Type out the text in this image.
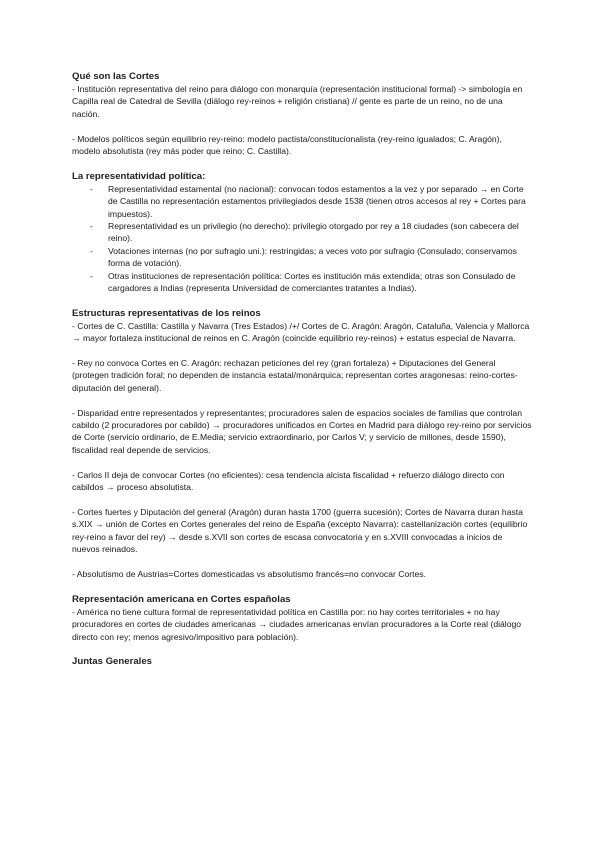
Qué son las Cortes

- Institución representativa del reino para diálogo con monarquía (representación institucional formal) -> simbología en Capilla real de Catedral de Sevilla (diálogo rey-reinos + religión cristiana) // gente es parte de un reino, no de una nación.

- Modelos políticos según equilibrio rey-reino: modelo pactista/constitucionalista (rey-reino igualados; C. Aragón), modelo absolutista (rey más poder que reino; C. Castilla).

La representatividad política:
- Representatividad estamental (no nacional): convocan todos estamentos a la vez y por separado → en Corte de Castilla no representación estamentos privilegiados desde 1538 (tienen otros accesos al rey + Cortes para impuestos).
- Representatividad es un privilegio (no derecho): privilegio otorgado por rey a 18 ciudades (son cabecera del reino).
- Votaciones internas (no por sufragio uni.): restringidas; a veces voto por sufragio (Consulado; conservamos forma de votación).
- Otras instituciones de representación política: Cortes es institución más extendida; otras son Consulado de cargadores a Indias (representa Universidad de comerciantes tratantes a Indias).
Estructuras representativas de los reinos

- Cortes de C. Castilla: Castilla y Navarra (Tres Estados) /+/ Cortes de C. Aragón: Aragón, Cataluña, Valencia y Mallorca → mayor fortaleza institucional de reinos en C. Aragón (coincide equilibrio rey-reinos) + estatus especial de Navarra.

- Rey no convoca Cortes en C. Aragón: rechazan peticiones del rey (gran fortaleza) + Diputaciones del General (protegen tradición foral; no dependen de instancia estatal/monárquica; representan cortes aragonesas: reino-cortes-diputación del general).

- Disparidad entre representados y representantes; procuradores salen de espacios sociales de familias que controlan cabildo (2 procuradores por cabildo) → procuradores unificados en Cortes en Madrid para diálogo rey-reino por servicios de Corte (servicio ordinario, de E.Media; servicio extraordinario, por Carlos V; y servicio de millones, desde 1590), fiscalidad real depende de servicios.

- Carlos II deja de convocar Cortes (no eficientes): cesa tendencia alcista fiscalidad + refuerzo diálogo directo con cabildos → proceso absolutista.

- Cortes fuertes y Diputación del general (Aragón) duran hasta 1700 (guerra sucesión); Cortes de Navarra duran hasta s.XIX → unión de Cortes en Cortes generales del reino de España (excepto Navarra): castellanización cortes (equilibrio rey-reino a favor del rey) → desde s.XVII son cortes de escasa convocatoria y en s.XVIII convocadas a inicios de nuevos reinados.

- Absolutismo de Austrias=Cortes domesticadas vs absolutismo francés=no convocar Cortes.

Representación americana en Cortes españolas

- América no tiene cultura formal de representatividad política en Castilla por: no hay cortes territoriales + no hay procuradores en cortes de ciudades americanas → ciudades americanas envían procuradores a la Corte real (diálogo directo con rey; menos agresivo/impositivo para población).

Juntas Generales
